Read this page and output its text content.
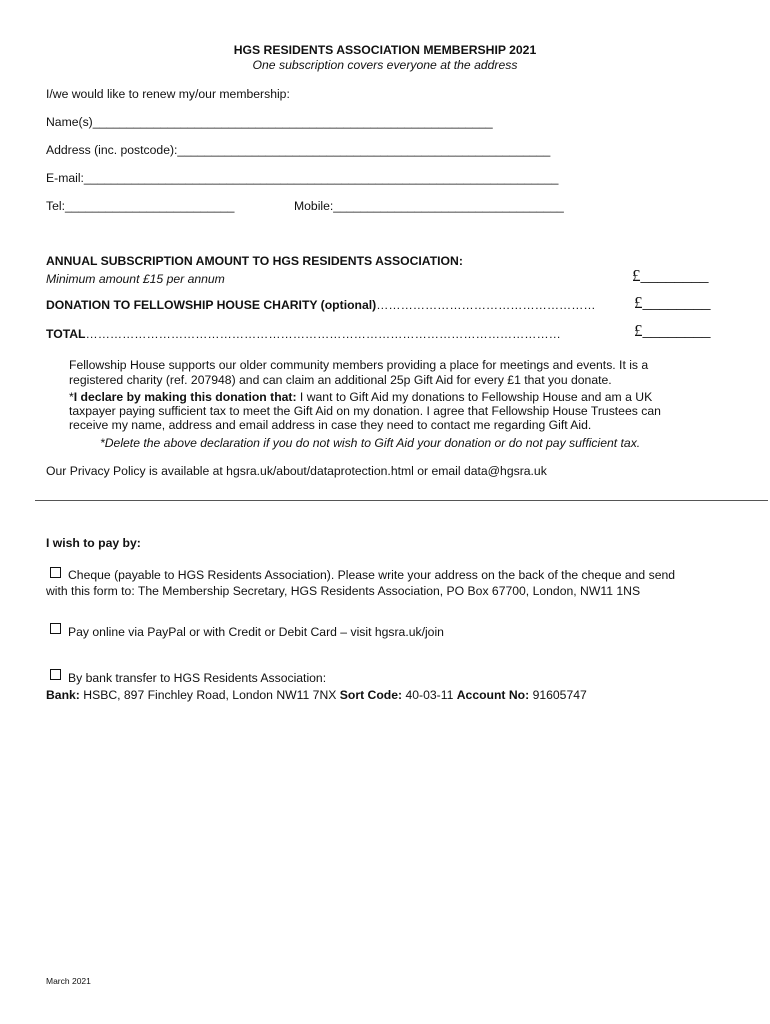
HGS RESIDENTS ASSOCIATION MEMBERSHIP 2021
One subscription covers everyone at the address
I/we would like to renew my/our membership:
Name(s)___________________________________________________________
Address (inc. postcode):_______________________________________________________
E-mail:______________________________________________________________________
Tel:_________________________	Mobile:__________________________________
ANNUAL SUBSCRIPTION AMOUNT TO HGS RESIDENTS ASSOCIATION:
Minimum amount £15 per annum	£________
DONATION TO FELLOWSHIP HOUSE CHARITY (optional)……………………………………………… £________
TOTAL………………………………………………………………………………………………………	£________
Fellowship House supports our older community members providing a place for meetings and events. It is a
registered charity (ref. 207948) and can claim an additional 25p Gift Aid for every £1 that you donate.
*I declare by making this donation that: I want to Gift Aid my donations to Fellowship House and am a UK
taxpayer paying sufficient tax to meet the Gift Aid on my donation. I agree that Fellowship House Trustees can
receive my name, address and email address in case they need to contact me regarding Gift Aid.
*Delete the above declaration if you do not wish to Gift Aid your donation or do not pay sufficient tax.
Our Privacy Policy is available at hgsra.uk/about/dataprotection.html or email data@hgsra.uk
I wish to pay by:
Cheque (payable to HGS Residents Association). Please write your address on the back of the cheque and send
with this form to: The Membership Secretary, HGS Residents Association, PO Box 67700, London, NW11 1NS
Pay online via PayPal or with Credit or Debit Card – visit hgsra.uk/join
By bank transfer to HGS Residents Association:
Bank: HSBC, 897 Finchley Road, London NW11 7NX Sort Code: 40-03-11 Account No: 91605747
March 2021
